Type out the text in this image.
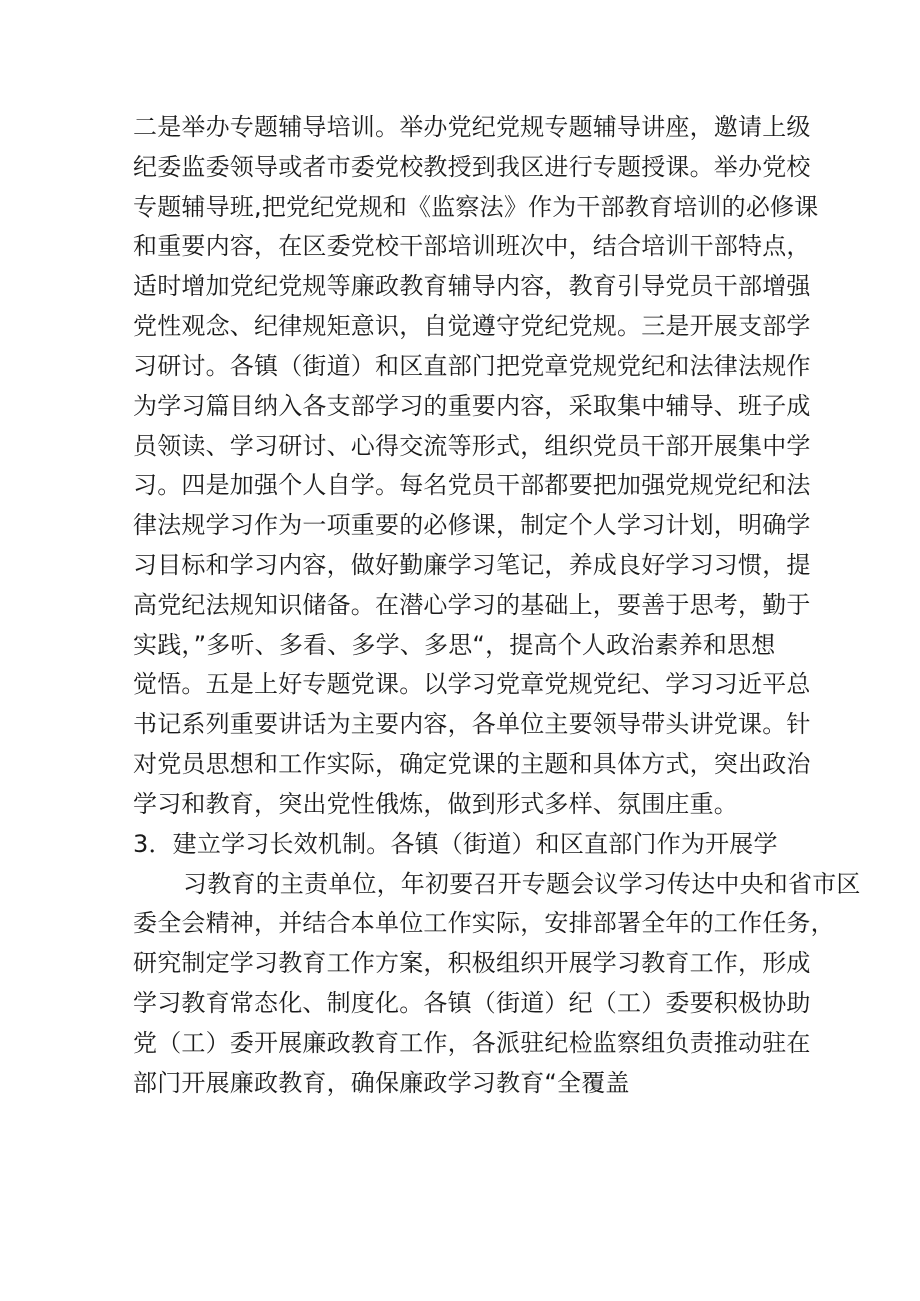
二是举办专题辅导培训。举办党纪党规专题辅导讲座，邀请上级
纪委监委领导或者市委党校教授到我区进行专题授课。举办党校
专题辅导班,把党纪党规和《监察法》作为干部教育培训的必修课
和重要内容，在区委党校干部培训班次中，结合培训干部特点，
适时增加党纪党规等廉政教育辅导内容，教育引导党员干部增强
党性观念、纪律规矩意识，自觉遵守党纪党规。三是开展支部学
习研讨。各镇（街道）和区直部门把党章党规党纪和法律法规作
为学习篇目纳入各支部学习的重要内容，采取集中辅导、班子成
员领读、学习研讨、心得交流等形式，组织党员干部开展集中学
习。四是加强个人自学。每名党员干部都要把加强党规党纪和法
律法规学习作为一项重要的必修课，制定个人学习计划，明确学
习目标和学习内容，做好勤廉学习笔记，养成良好学习习惯，提
高党纪法规知识储备。在潜心学习的基础上，要善于思考，勤于
实践，”多听、多看、多学、多思“，提高个人政治素养和思想
觉悟。五是上好专题党课。以学习党章党规党纪、学习习近平总
书记系列重要讲话为主要内容，各单位主要领导带头讲党课。针
对党员思想和工作实际，确定党课的主题和具体方式，突出政治
学习和教育，突出党性俄炼，做到形式多样、氛围庄重。
3．建立学习长效机制。各镇（街道）和区直部门作为开展学
习教育的主责单位，年初要召开专题会议学习传达中央和省市区
委全会精神，并结合本单位工作实际，安排部署全年的工作任务，
研究制定学习教育工作方案，积极组织开展学习教育工作，形成
学习教育常态化、制度化。各镇（街道）纪（工）委要积极协助
党（工）委开展廉政教育工作，各派驻纪检监察组负责推动驻在
部门开展廉政教育，确保廉政学习教育“全覆盖
